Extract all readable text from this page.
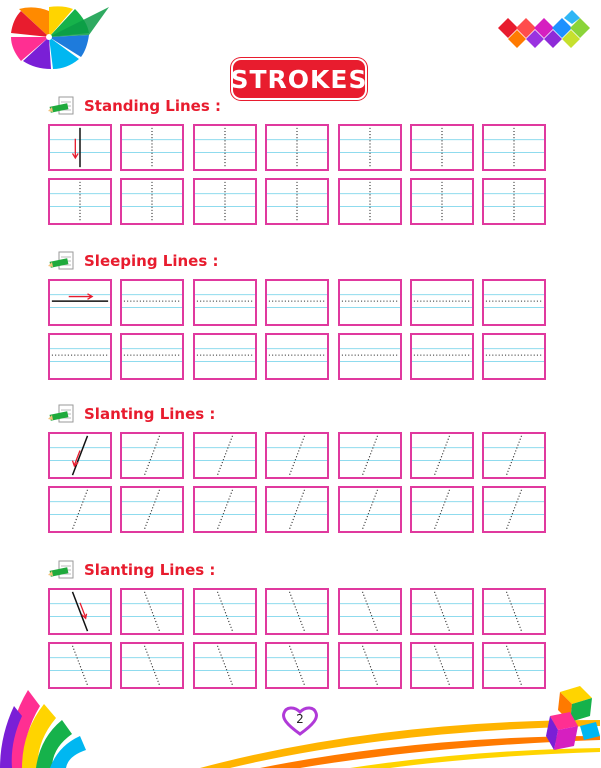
STROKES
Standing Lines :
Sleeping Lines :
Slanting Lines :
Slanting Lines :
2
